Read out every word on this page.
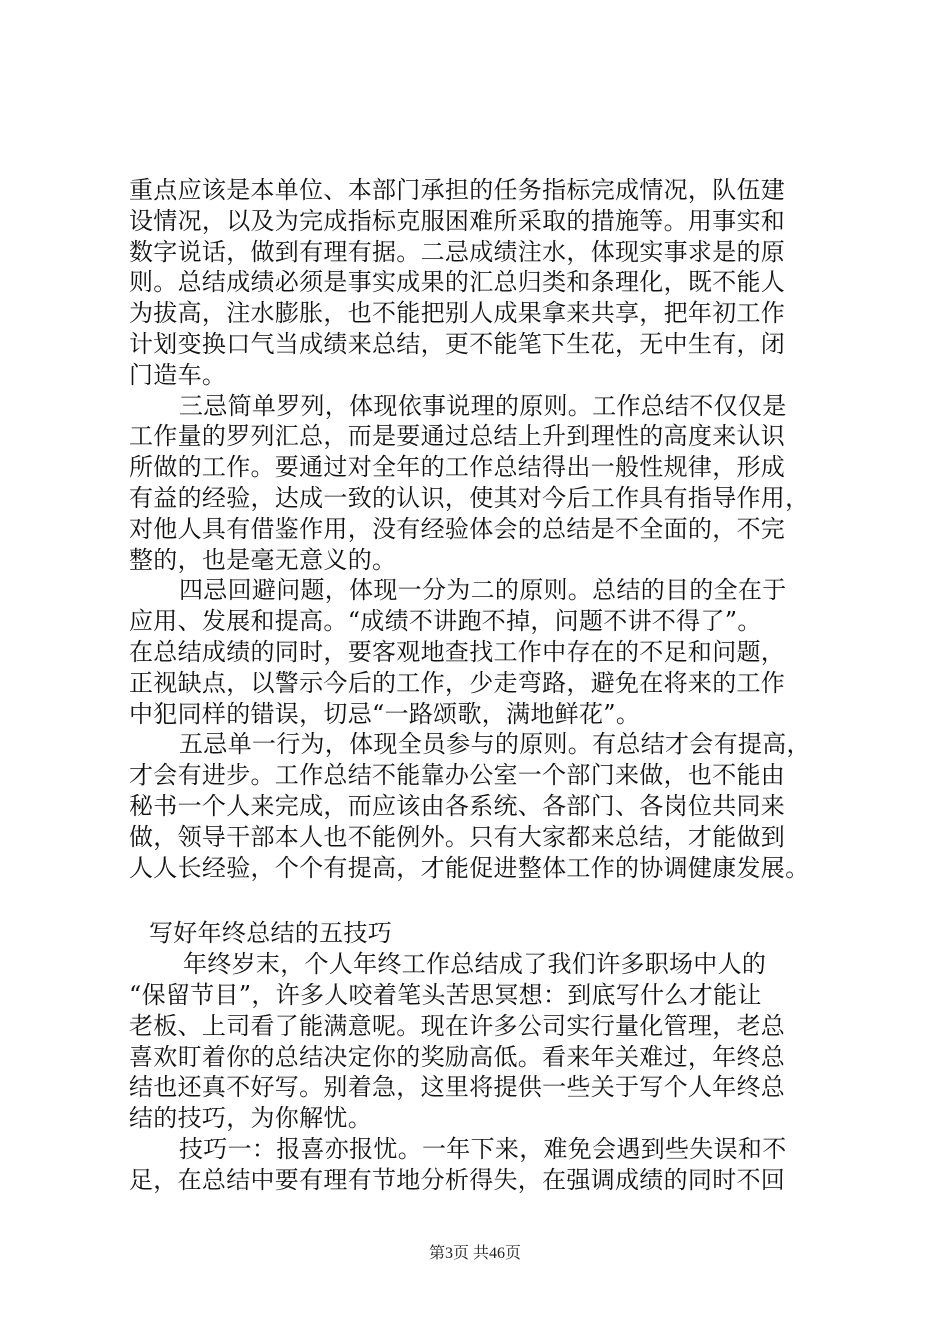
重点应该是本单位、本部门承担的任务指标完成情况，队伍建
设情况，以及为完成指标克服困难所采取的措施等。用事实和
数字说话，做到有理有据。二忌成绩注水，体现实事求是的原
则。总结成绩必须是事实成果的汇总归类和条理化，既不能人
为拔高，注水膨胀，也不能把别人成果拿来共享，把年初工作
计划变换口气当成绩来总结，更不能笔下生花，无中生有，闭
门造车。
三忌简单罗列，体现依事说理的原则。工作总结不仅仅是
工作量的罗列汇总，而是要通过总结上升到理性的高度来认识
所做的工作。要通过对全年的工作总结得出一般性规律，形成
有益的经验，达成一致的认识，使其对今后工作具有指导作用，
对他人具有借鉴作用，没有经验体会的总结是不全面的，不完
整的，也是毫无意义的。
四忌回避问题，体现一分为二的原则。总结的目的全在于
应用、发展和提高。“成绩不讲跑不掉，问题不讲不得了”。
在总结成绩的同时，要客观地查找工作中存在的不足和问题，
正视缺点，以警示今后的工作，少走弯路，避免在将来的工作
中犯同样的错误，切忌“一路颂歌，满地鲜花”。
五忌单一行为，体现全员参与的原则。有总结才会有提高，
才会有进步。工作总结不能靠办公室一个部门来做，也不能由
秘书一个人来完成，而应该由各系统、各部门、各岗位共同来
做，领导干部本人也不能例外。只有大家都来总结，才能做到
人人长经验，个个有提高，才能促进整体工作的协调健康发展。
写好年终总结的五技巧
年终岁末，个人年终工作总结成了我们许多职场中人的
“保留节目”，许多人咬着笔头苦思冥想：到底写什么才能让
老板、上司看了能满意呢。现在许多公司实行量化管理，老总
喜欢盯着你的总结决定你的奖励高低。看来年关难过，年终总
结也还真不好写。别着急，这里将提供一些关于写个人年终总
结的技巧，为你解忧。
技巧一：报喜亦报忧。一年下来，难免会遇到些失误和不
足，在总结中要有理有节地分析得失，在强调成绩的同时不回
第3页 共46页
